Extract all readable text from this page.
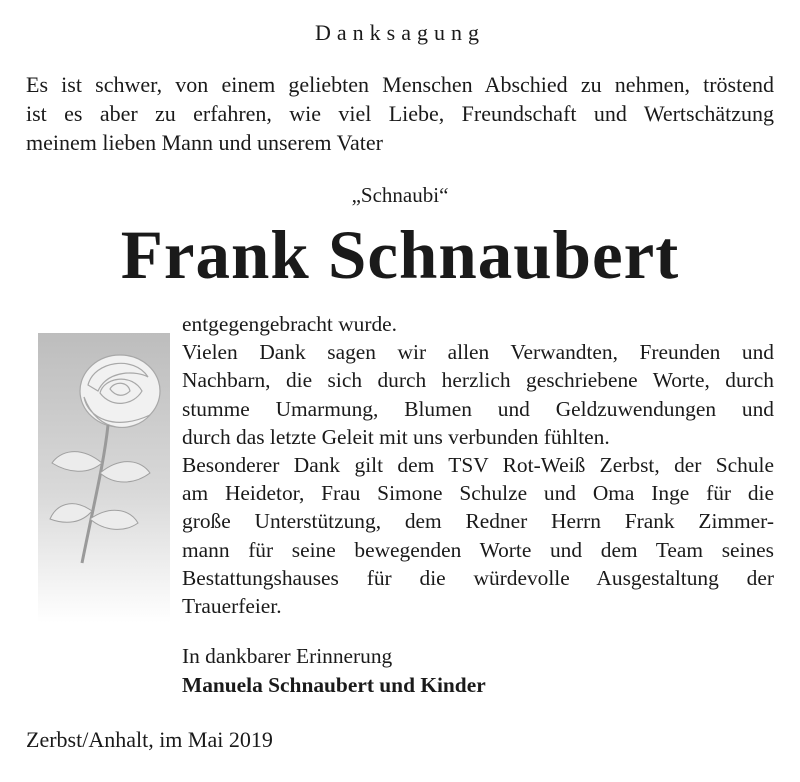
Danksagung
Es ist schwer, von einem geliebten Menschen Abschied zu nehmen, tröstend
ist es aber zu erfahren, wie viel Liebe, Freundschaft und Wertschätzung
meinem lieben Mann und unserem Vater
„Schnaubi“
Frank Schnaubert
entgegengebracht wurde.
Vielen Dank sagen wir allen Verwandten, Freunden und
Nachbarn, die sich durch herzlich geschriebene Worte, durch
stumme Umarmung, Blumen und Geldzuwendungen und
durch das letzte Geleit mit uns verbunden fühlten.
Besonderer Dank gilt dem TSV Rot-Weiß Zerbst, der Schule
am Heidetor, Frau Simone Schulze und Oma Inge für die
große Unterstützung, dem Redner Herrn Frank Zimmer-
mann für seine bewegenden Worte und dem Team seines
Bestattungshauses für die würdevolle Ausgestaltung der
Trauerfeier.
In dankbarer Erinnerung
Manuela Schnaubert und Kinder
Zerbst/Anhalt, im Mai 2019
